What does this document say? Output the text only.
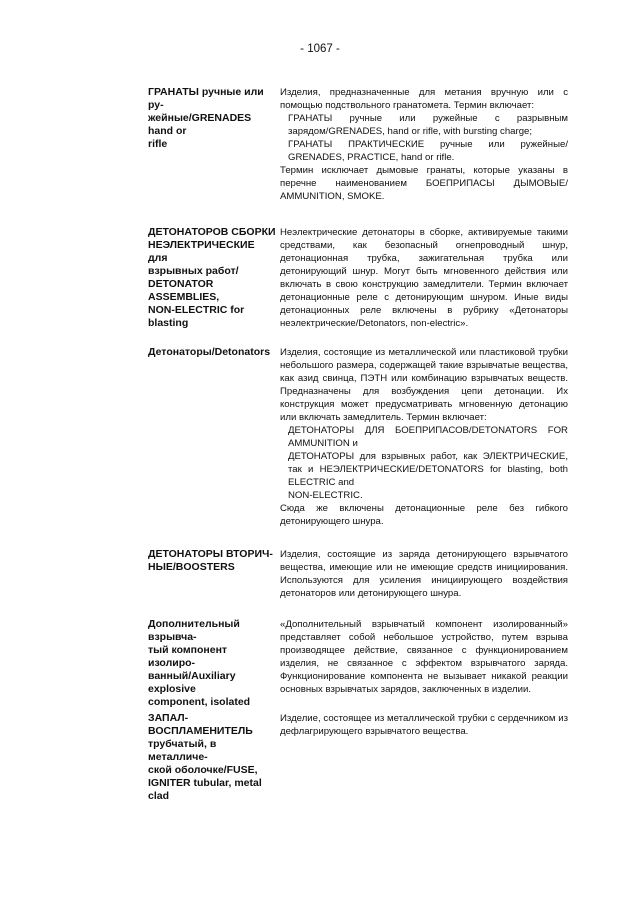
- 1067 -
ГРАНАТЫ ручные или ру-
жейные/GRENADES hand or
rifle

Изделия, предназначенные для метания вручную или с помощью подствольного гранатомета. Термин включает:

ГРАНАТЫ ручные или ружейные с разрывным зарядом/GRENADES, hand or rifle, with bursting charge;
ГРАНАТЫ ПРАКТИЧЕСКИЕ ручные или ружейные/ GRENADES, PRACTICE, hand or rifle.

Термин исключает дымовые гранаты, которые указаны в перечне наименованием БОЕПРИПАСЫ ДЫМОВЫЕ/ AMMUNITION, SMOKE.

ДЕТОНАТОРОВ СБОРКИ
НЕЭЛЕКТРИЧЕСКИЕ для
взрывных работ/
DETONATOR ASSEMBLIES,
NON-ELECTRIC for blasting

Неэлектрические детонаторы в сборке, активируемые такими средствами, как безопасный огнепроводный шнур, детонационная трубка, зажигательная трубка или детонирующий шнур. Могут быть мгновенного действия или включать в свою конструкцию замедлители. Термин включает детонационные реле с детонирующим шнуром. Иные виды детонационных реле включены в рубрику «Детонаторы неэлектрические/Detonators, non-electric».

Детонаторы/Detonators	Изделия, состоящие из металлической или пластиковой трубки небольшого размера, содержащей такие взрывчатые вещества, как азид свинца, ПЭТН или комбинацию взрывчатых веществ. Предназначены для возбуждения цепи детонации. Их конструкция может предусматривать мгновенную детонацию или включать замедлитель. Термин включает:

ДЕТОНАТОРЫ ДЛЯ БОЕПРИПАСОВ/DETONATORS FOR AMMUNITION и
ДЕТОНАТОРЫ для взрывных работ, как ЭЛЕКТРИЧЕСКИЕ, так и НЕЭЛЕКТРИЧЕСКИЕ/DETONATORS for blasting, both ELECTRIC and
NON-ELECTRIC.

Сюда же включены детонационные реле без гибкого детонирующего шнура.

ДЕТОНАТОРЫ ВТОРИЧ-
НЫЕ/BOOSTERS

Изделия, состоящие из заряда детонирующего взрывчатого вещества, имеющие или не имеющие средств инициирования. Используются для усиления инициирующего воздействия детонаторов или детонирующего шнура.

Дополнительный взрывча-
тый компонент изолиро-
ванный/Auxiliary explosive
component, isolated

«Дополнительный взрывчатый компонент изолированный» представляет собой небольшое устройство, путем взрыва производящее действие, связанное с функционированием изделия, не связанное с эффектом взрывчатого заряда. Функционирование компонента не вызывает никакой реакции основных взрывчатых зарядов, заключенных в изделии.

ЗАПАЛ-ВОСПЛАМЕНИТЕЛЬ
трубчатый, в металличе-
ской оболочке/FUSE,
IGNITER tubular, metal clad

Изделие, состоящее из металлической трубки с сердечником из дефлагрирующего взрывчатого вещества.
